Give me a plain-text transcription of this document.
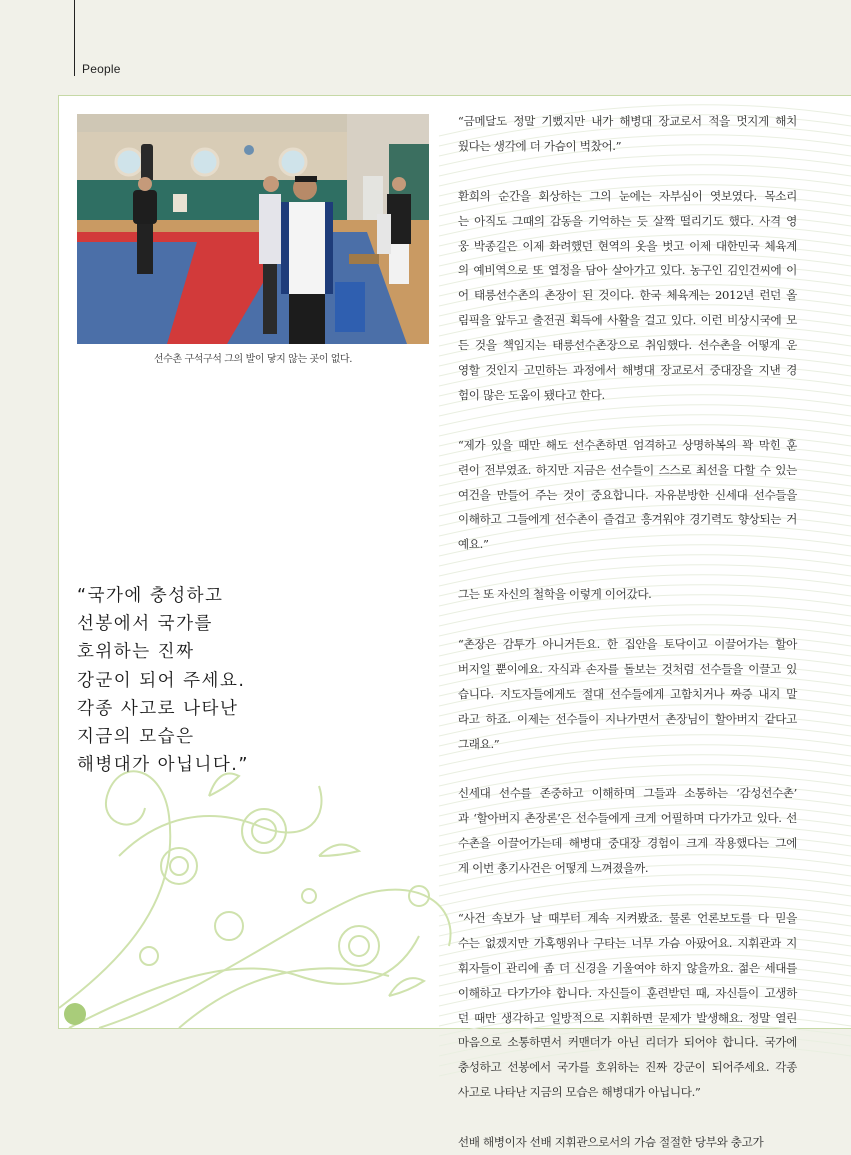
People
선수촌 구석구석 그의 발이 닿지 않는 곳이 없다.
“국가에 충성하고
선봉에서 국가를
호위하는 진짜
강군이 되어 주세요.
각종 사고로 나타난
지금의 모습은
해병대가 아닙니다.”

“금메달도 정말 기뻤지만 내가 해병대 장교로서 적을 멋지게 해치
웠다는 생각에 더 가슴이 벅찼어.”

환희의 순간을 회상하는 그의 눈에는 자부심이 엿보였다. 목소리
는 아직도 그때의 감동을 기억하는 듯 살짝 떨리기도 했다. 사격 영
웅 박종길은 이제 화려했던 현역의 옷을 벗고 이제 대한민국 체육계
의 예비역으로 또 열정을 담아 살아가고 있다. 농구인 김인건씨에 이
어 태릉선수촌의 촌장이 된 것이다. 한국 체육계는 2012년 런던 올
림픽을 앞두고 출전권 획득에 사활을 걸고 있다. 이런 비상시국에 모
든 것을 책임지는 태릉선수촌장으로 취임했다. 선수촌을 어떻게 운
영할 것인지 고민하는 과정에서 해병대 장교로서 중대장을 지낸 경
험이 많은 도움이 됐다고 한다.

“제가 있을 때만 해도 선수촌하면 엄격하고 상명하복의 꽉 막힌 훈
련이 전부였죠. 하지만 지금은 선수들이 스스로 최선을 다할 수 있는
여건을 만들어 주는 것이 중요합니다. 자유분방한 신세대 선수들을
이해하고 그들에게 선수촌이 즐겁고 흥겨워야 경기력도 향상되는 거
예요.”

그는 또 자신의 철학을 이렇게 이어갔다.

“촌장은 감투가 아니거든요. 한 집안을 토닥이고 이끌어가는 할아
버지일 뿐이에요. 자식과 손자를 돌보는 것처럼 선수들을 이끌고 있
습니다. 지도자들에게도 절대 선수들에게 고함치거나 짜증 내지 말
라고 하죠. 이제는 선수들이 지나가면서 촌장님이 할아버지 같다고
그래요.”

신세대 선수를 존중하고 이해하며 그들과 소통하는 ‘감성선수촌’
과 ‘할아버지 촌장론’은 선수들에게 크게 어필하며 다가가고 있다. 선
수촌을 이끌어가는데 해병대 중대장 경험이 크게 작용했다는 그에
게 이번 총기사건은 어떻게 느껴졌을까.

“사건 속보가 날 때부터 계속 지켜봤죠. 물론 언론보도를 다 믿을
수는 없겠지만 가혹행위나 구타는 너무 가슴 아팠어요. 지휘관과 지
휘자들이 관리에 좀 더 신경을 기울여야 하지 않을까요. 젊은 세대를
이해하고 다가가야 합니다. 자신들이 훈련받던 때, 자신들이 고생하
던 때만 생각하고 일방적으로 지휘하면 문제가 발생해요. 정말 열린
마음으로 소통하면서 커맨더가 아닌 리더가 되어야 합니다. 국가에
충성하고 선봉에서 국가를 호위하는 진짜 강군이 되어주세요. 각종
사고로 나타난 지금의 모습은 해병대가 아닙니다.”

선배 해병이자 선배 지휘관으로서의 가슴 절절한 당부와 충고가
